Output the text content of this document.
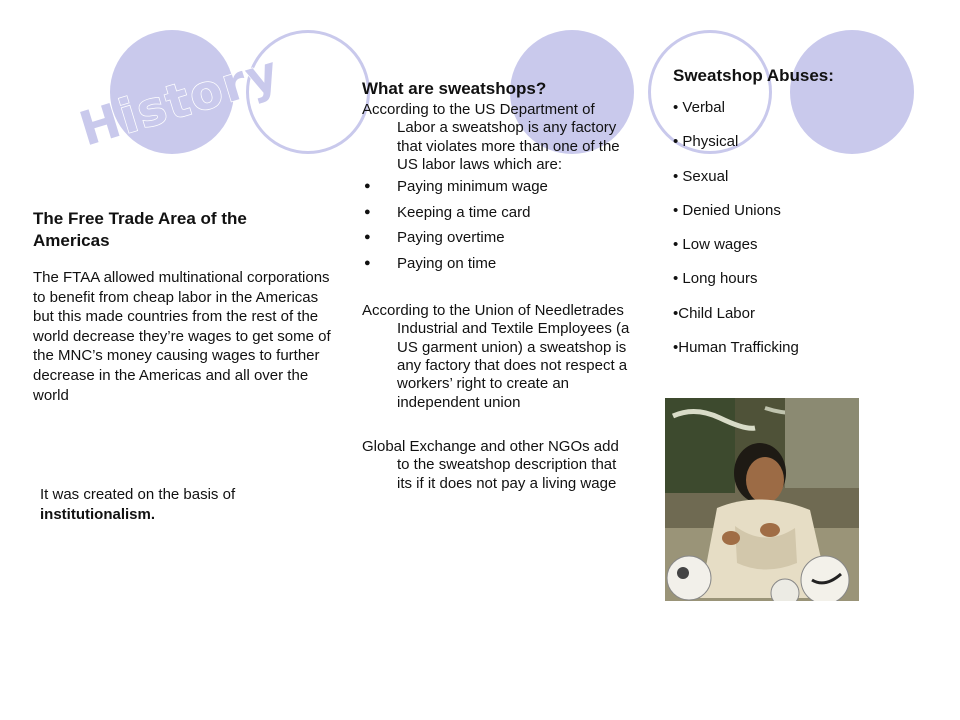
History
The Free Trade Area of the Americas

The FTAA allowed multinational corporations to benefit from cheap labor in the Americas but this made countries from the rest of the world decrease they’re wages to get some of the MNC’s money causing wages to further decrease in the Americas and all over the world

It was created on the basis of institutionalism.

What are sweatshops?

According to the US Department of Labor a sweatshop is any factory that violates more than one of the US labor laws which are:

● Paying minimum wage
● Keeping a time card
● Paying overtime
● Paying on time

According to the Union of Needletrades Industrial and Textile Employees (a US garment union) a sweatshop is any factory that does not respect a workers’ right to create an independent union

Global Exchange and other NGOs add to the sweatshop description that its if it does not pay a living wage

Sweatshop Abuses:
• Verbal
• Physical
• Sexual
• Denied Unions
• Low wages
• Long hours
•Child Labor
•Human Trafficking
